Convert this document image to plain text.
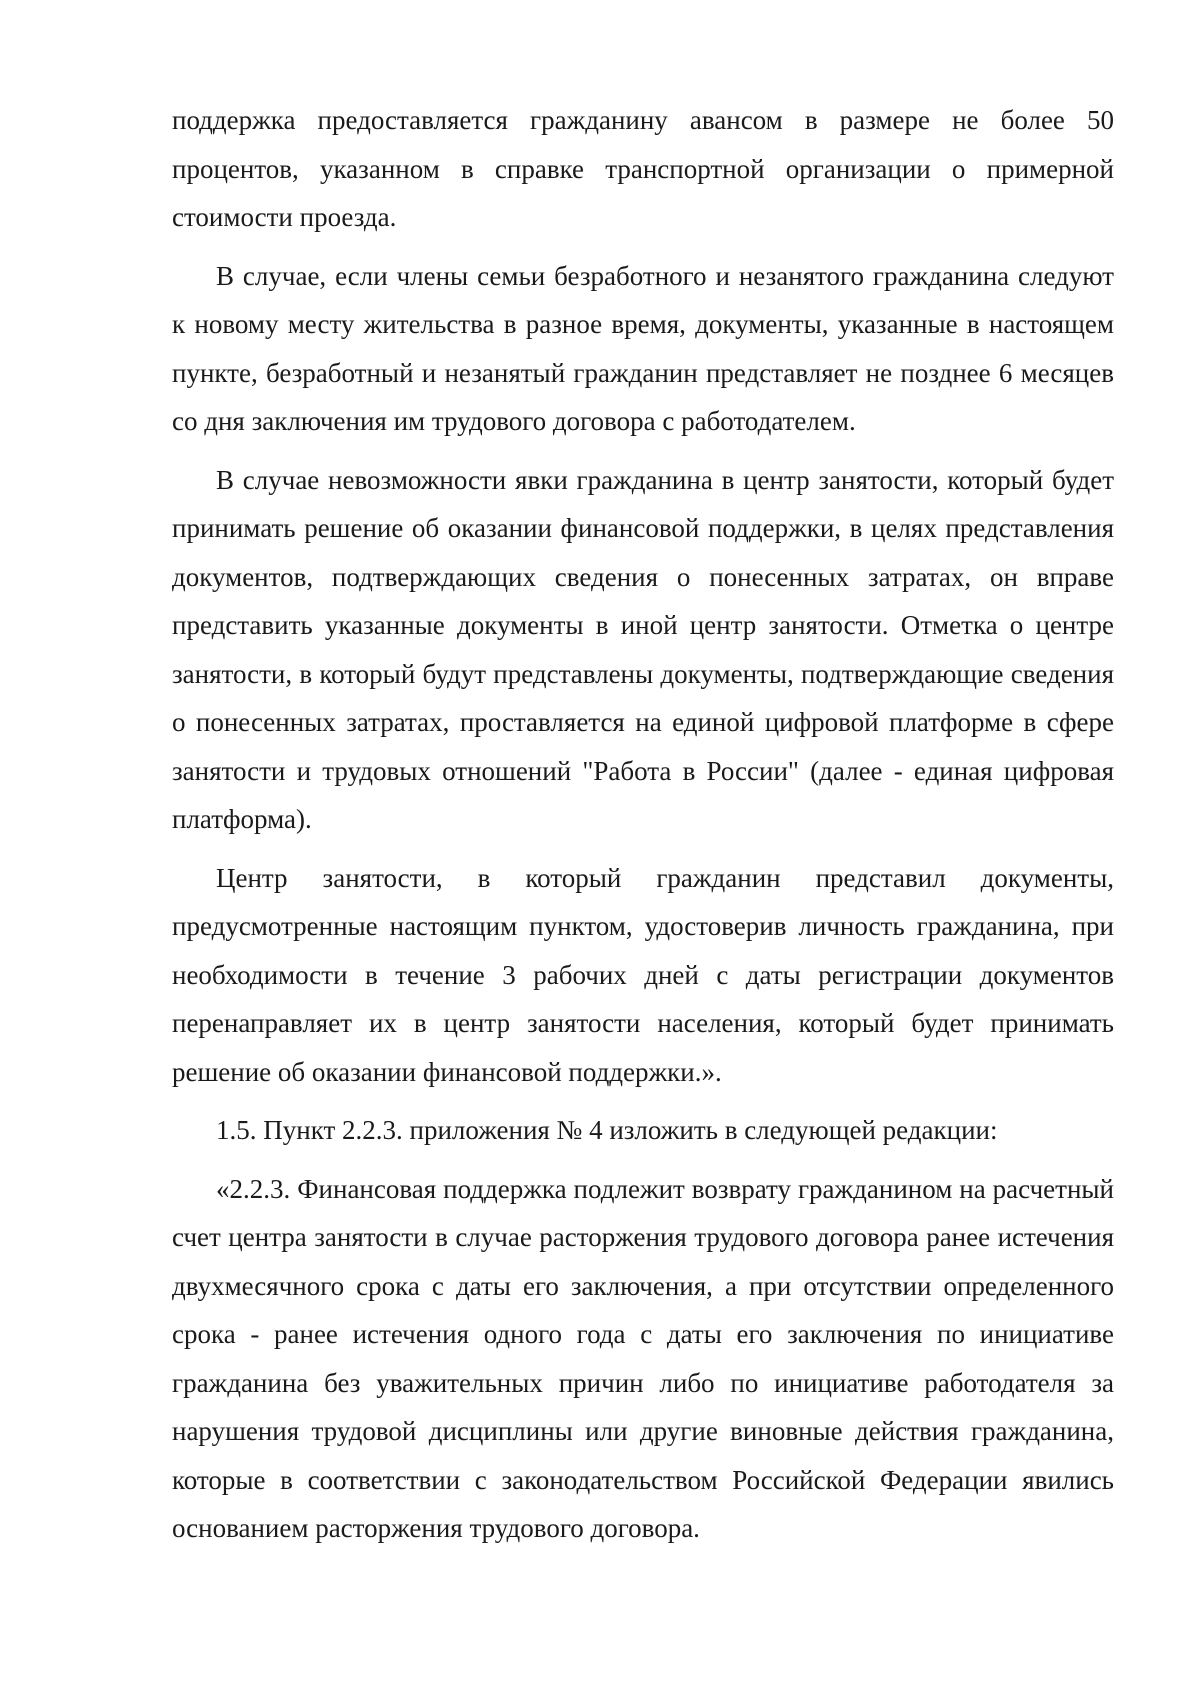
поддержка предоставляется гражданину авансом в размере не более 50 процентов, указанном в справке транспортной организации о примерной стоимости проезда.

В случае, если члены семьи безработного и незанятого гражданина следуют к новому месту жительства в разное время, документы, указанные в настоящем пункте, безработный и незанятый гражданин представляет не позднее 6 месяцев со дня заключения им трудового договора с работодателем.

В случае невозможности явки гражданина в центр занятости, который будет принимать решение об оказании финансовой поддержки, в целях представления документов, подтверждающих сведения о понесенных затратах, он вправе представить указанные документы в иной центр занятости. Отметка о центре занятости, в который будут представлены документы, подтверждающие сведения о понесенных затратах, проставляется на единой цифровой платформе в сфере занятости и трудовых отношений "Работа в России" (далее - единая цифровая платформа).

Центр занятости, в который гражданин представил документы, предусмотренные настоящим пунктом, удостоверив личность гражданина, при необходимости в течение 3 рабочих дней с даты регистрации документов перенаправляет их в центр занятости населения, который будет принимать решение об оказании финансовой поддержки.».

1.5. Пункт 2.2.3. приложения № 4 изложить в следующей редакции:

«2.2.3. Финансовая поддержка подлежит возврату гражданином на расчетный счет центра занятости в случае расторжения трудового договора ранее истечения двухмесячного срока с даты его заключения, а при отсутствии определенного срока - ранее истечения одного года с даты его заключения по инициативе гражданина без уважительных причин либо по инициативе работодателя за нарушения трудовой дисциплины или другие виновные действия гражданина, которые в соответствии с законодательством Российской Федерации явились основанием расторжения трудового договора.
